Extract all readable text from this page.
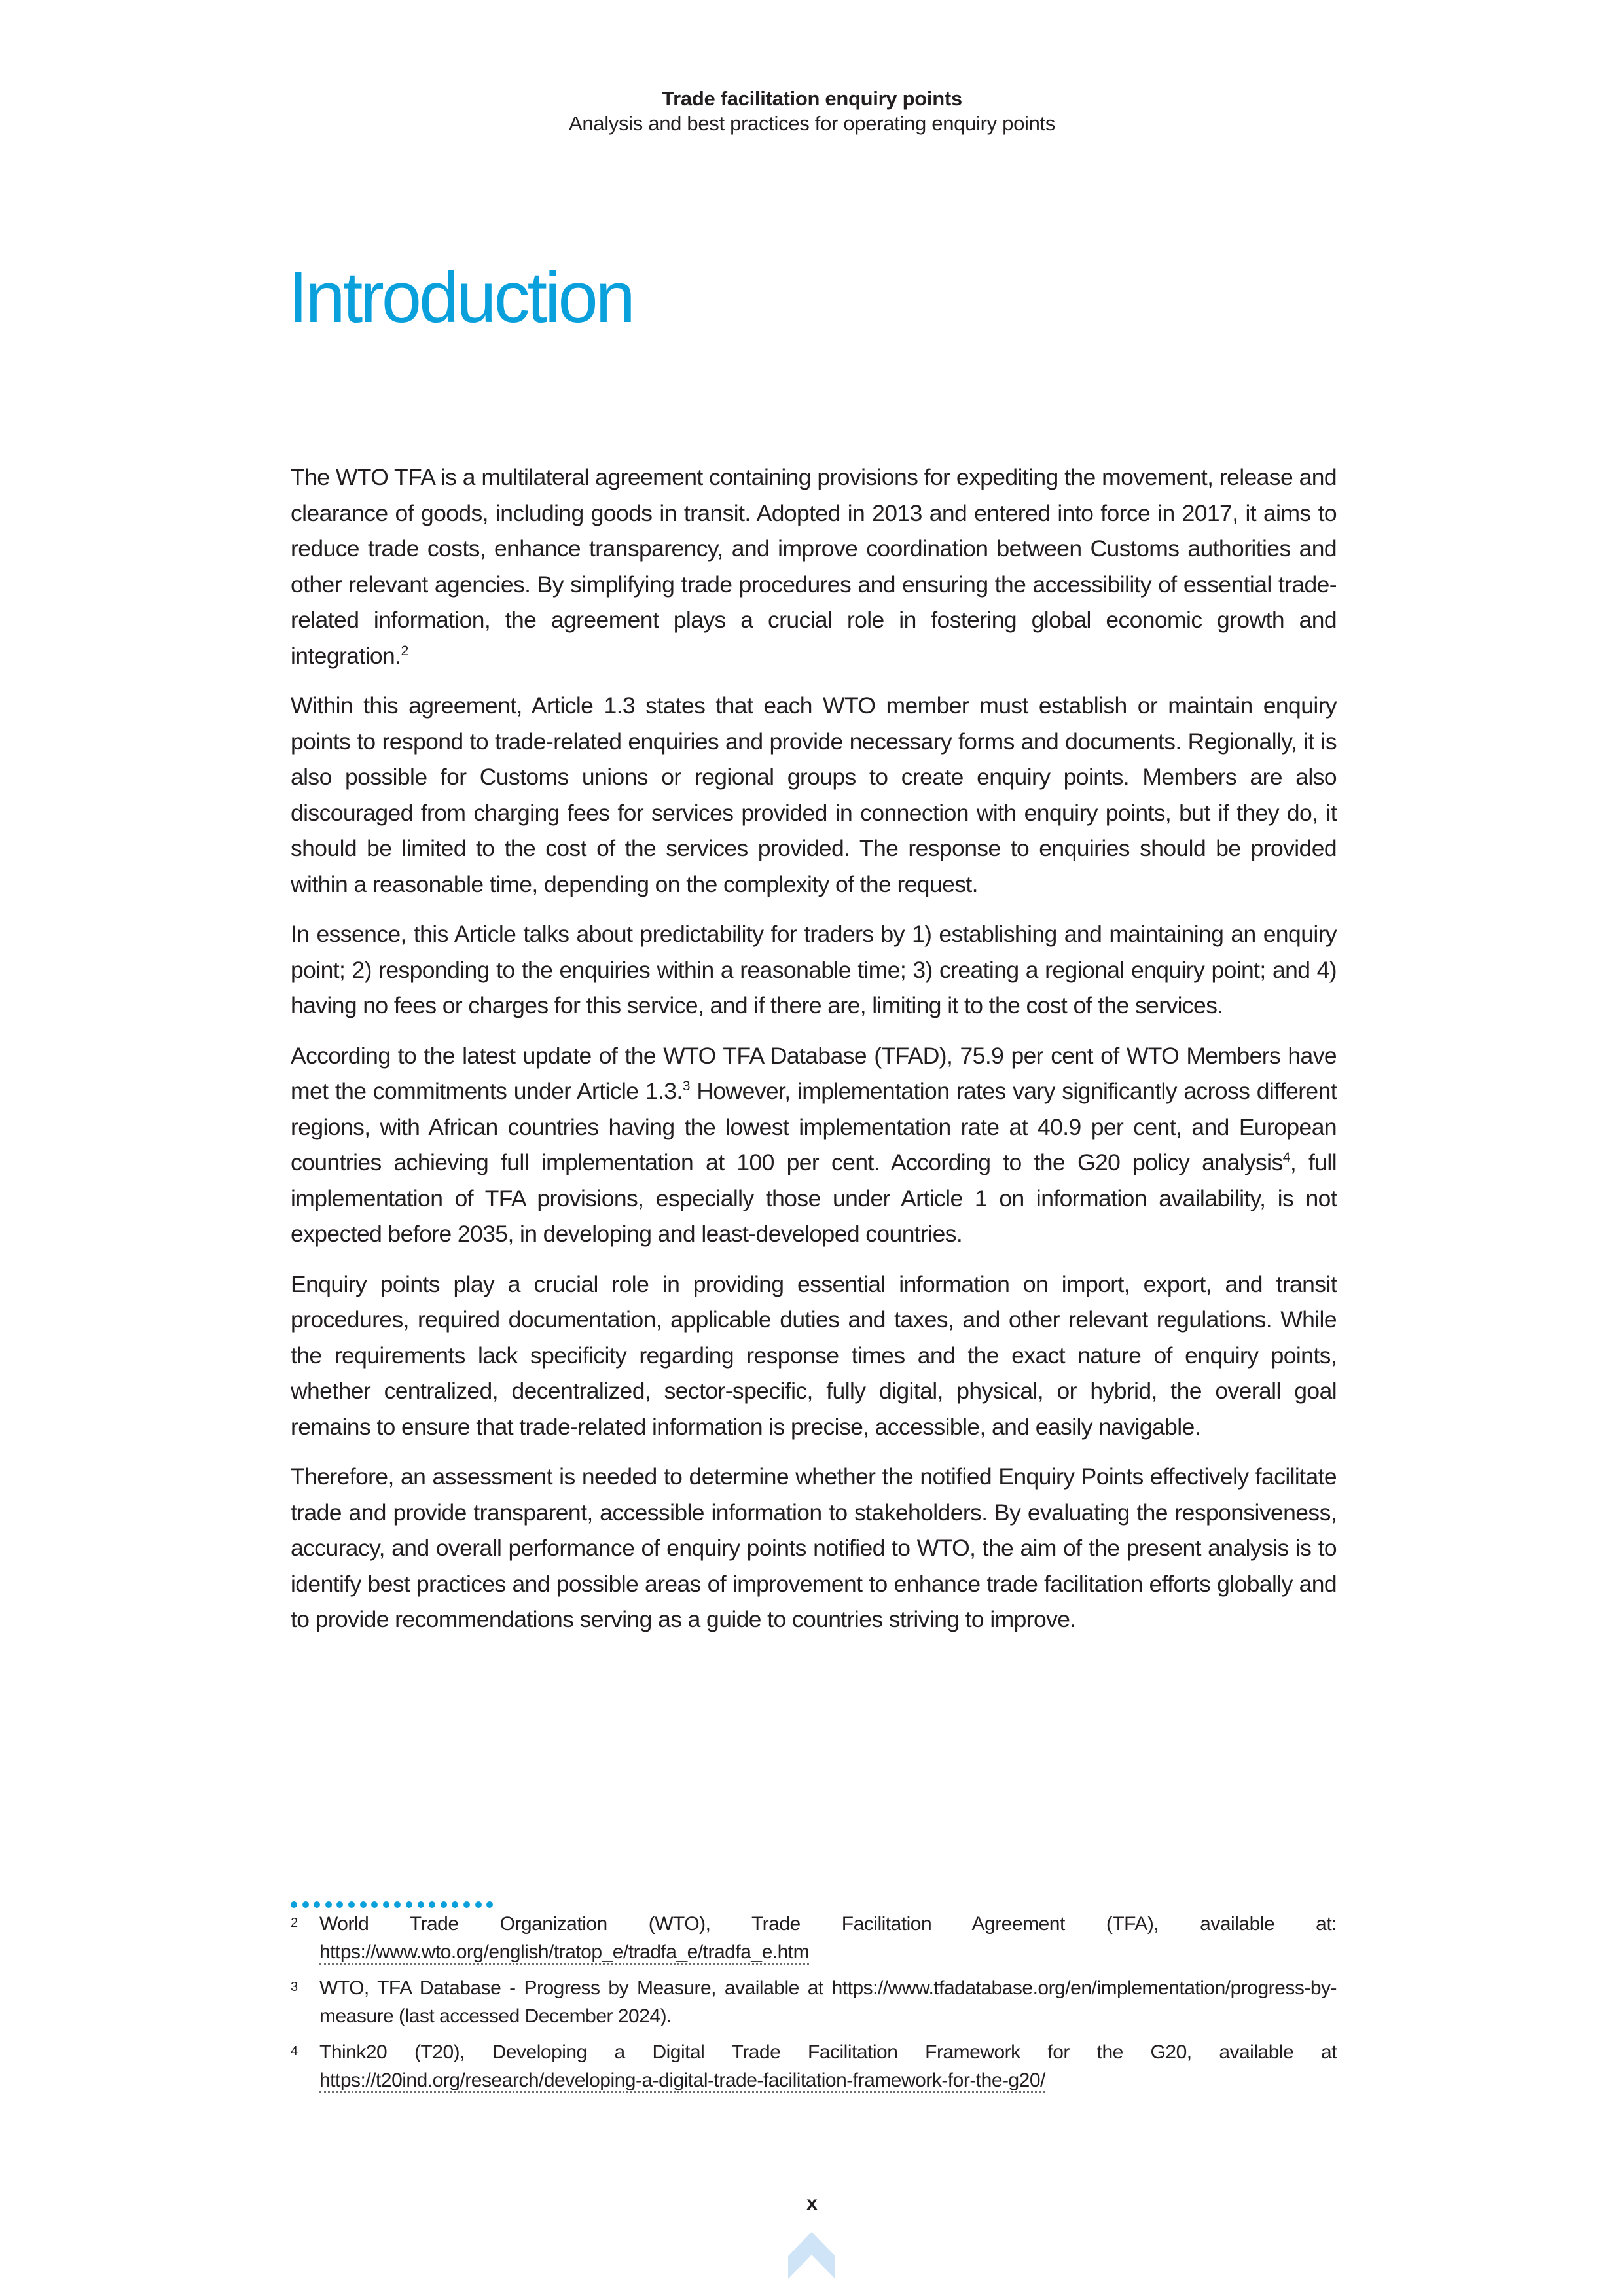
Trade facilitation enquiry points
Analysis and best practices for operating enquiry points
Introduction

The WTO TFA is a multilateral agreement containing provisions for expediting the movement, release and clearance of goods, including goods in transit. Adopted in 2013 and entered into force in 2017, it aims to reduce trade costs, enhance transparency, and improve coordination between Customs authorities and other relevant agencies. By simplifying trade procedures and ensuring the accessibility of essential trade-related information, the agreement plays a crucial role in fostering global economic growth and integration.$^2$

Within this agreement, Article 1.3 states that each WTO member must establish or maintain enquiry points to respond to trade-related enquiries and provide necessary forms and documents. Regionally, it is also possible for Customs unions or regional groups to create enquiry points. Members are also discouraged from charging fees for services provided in connection with enquiry points, but if they do, it should be limited to the cost of the services provided. The response to enquiries should be provided within a reasonable time, depending on the complexity of the request.

In essence, this Article talks about predictability for traders by 1) establishing and maintaining an enquiry point; 2) responding to the enquiries within a reasonable time; 3) creating a regional enquiry point; and 4) having no fees or charges for this service, and if there are, limiting it to the cost of the services.

According to the latest update of the WTO TFA Database (TFAD), 75.9 per cent of WTO Members have met the commitments under Article 1.3.$^3$ However, implementation rates vary significantly across different regions, with African countries having the lowest implementation rate at 40.9 per cent, and European countries achieving full implementation at 100 per cent. According to the G20 policy analysis$^4$, full implementation of TFA provisions, especially those under Article 1 on information availability, is not expected before 2035, in developing and least-developed countries.

Enquiry points play a crucial role in providing essential information on import, export, and transit procedures, required documentation, applicable duties and taxes, and other relevant regulations. While the requirements lack specificity regarding response times and the exact nature of enquiry points, whether centralized, decentralized, sector-specific, fully digital, physical, or hybrid, the overall goal remains to ensure that trade-related information is precise, accessible, and easily navigable.

Therefore, an assessment is needed to determine whether the notified Enquiry Points effectively facilitate trade and provide transparent, accessible information to stakeholders. By evaluating the responsiveness, accuracy, and overall performance of enquiry points notified to WTO, the aim of the present analysis is to identify best practices and possible areas of improvement to enhance trade facilitation efforts globally and to provide recommendations serving as a guide to countries striving to improve.

2	World Trade Organization (WTO), Trade Facilitation Agreement (TFA), available at: https://www.wto.org/english/tratop_e/tradfa_e/tradfa_e.htm
3	WTO, TFA Database - Progress by Measure, available at https://www.tfadatabase.org/en/implementation/progress-by-measure (last accessed December 2024).
4	Think20 (T20), Developing a Digital Trade Facilitation Framework for the G20, available at https://t20ind.org/research/developing-a-digital-trade-facilitation-framework-for-the-g20/
x
